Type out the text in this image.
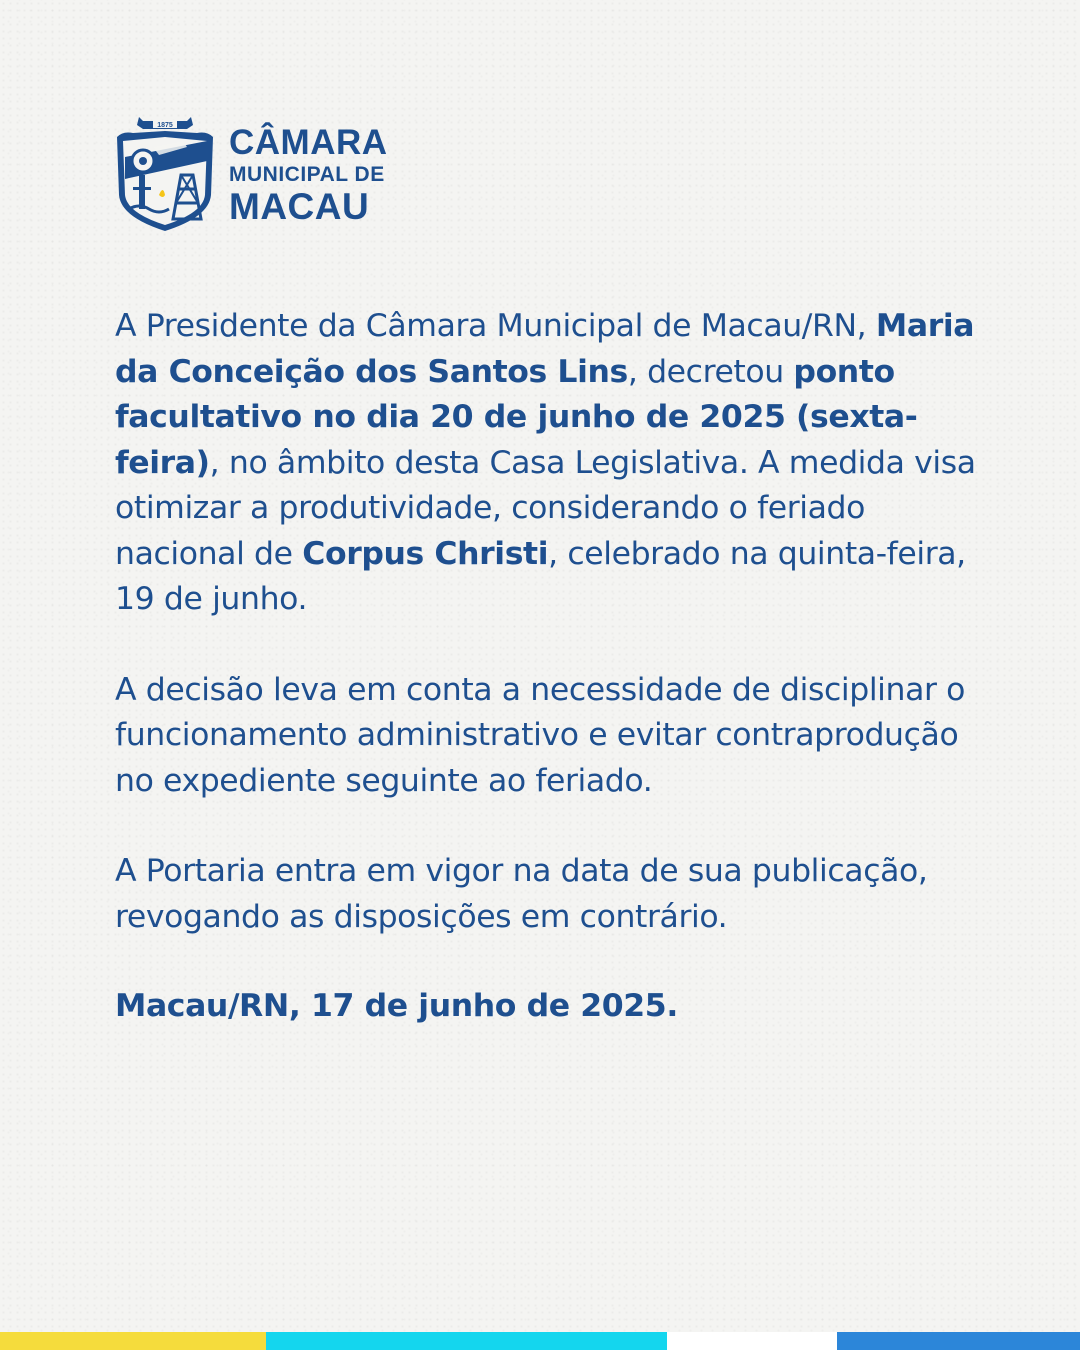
1875 CÂMARA
MUNICIPAL DE
MACAU

A Presidente da Câmara Municipal de Macau/RN, Maria da Conceição dos Santos Lins, decretou ponto facultativo no dia 20 de junho de 2025 (sexta-feira), no âmbito desta Casa Legislativa. A medida visa otimizar a produtividade, considerando o feriado nacional de Corpus Christi, celebrado na quinta-feira, 19 de junho.

A decisão leva em conta a necessidade de disciplinar o funcionamento administrativo e evitar contraprodução no expediente seguinte ao feriado.

A Portaria entra em vigor na data de sua publicação, revogando as disposições em contrário.

Macau/RN, 17 de junho de 2025.
